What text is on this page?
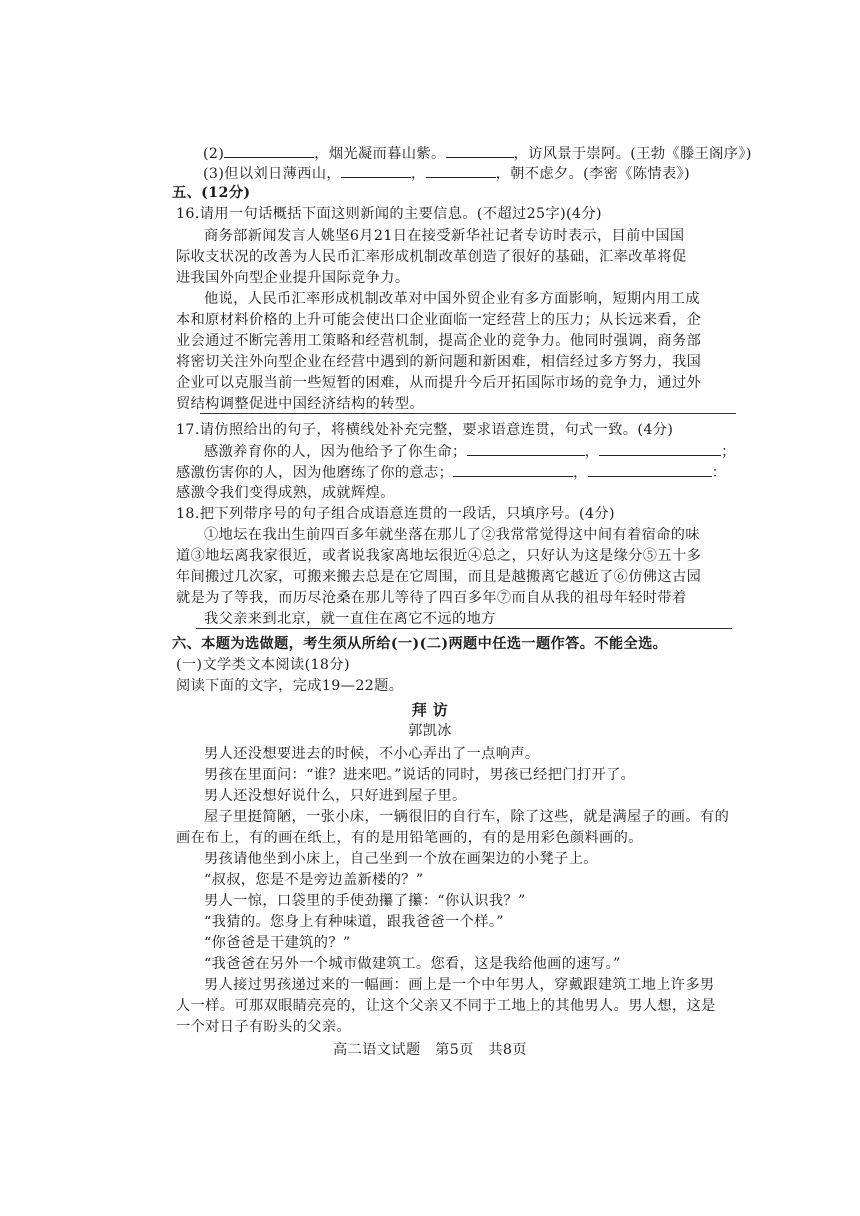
(2)	，烟光凝而暮山紫。	，访风景于崇阿。(王勃《滕王阁序》)
(3)但以刘日薄西山，	，	，朝不虑夕。(李密《陈情表》)
五、(12分)
16.请用一句话概括下面这则新闻的主要信息。(不超过25字)(4分)
商务部新闻发言人姚坚6月21日在接受新华社记者专访时表示，目前中国国
际收支状况的改善为人民币汇率形成机制改革创造了很好的基础，汇率改革将促
进我国外向型企业提升国际竞争力。
他说，人民币汇率形成机制改革对中国外贸企业有多方面影响，短期内用工成
本和原材料价格的上升可能会使出口企业面临一定经营上的压力；从长远来看，企
业会通过不断完善用工策略和经营机制，提高企业的竞争力。他同时强调，商务部
将密切关注外向型企业在经营中遇到的新问题和新困难，相信经过多方努力，我国
企业可以克服当前一些短暂的困难，从而提升今后开拓国际市场的竞争力，通过外
贸结构调整促进中国经济结构的转型。
17.请仿照给出的句子，将横线处补充完整，要求语意连贯，句式一致。(4分)
感激养育你的人，因为他给予了你生命；	，	；
感激伤害你的人，因为他磨练了你的意志；	，	：
感激令我们变得成熟，成就辉煌。
18.把下列带序号的句子组合成语意连贯的一段话，只填序号。(4分)
①地坛在我出生前四百多年就坐落在那儿了②我常常觉得这中间有着宿命的味
道③地坛离我家很近，或者说我家离地坛很近④总之，只好认为这是缘分⑤五十多
年间搬过几次家，可搬来搬去总是在它周围，而且是越搬离它越近了⑥仿佛这古园
就是为了等我，而历尽沧桑在那儿等待了四百多年⑦而自从我的祖母年轻时带着
我父亲来到北京，就一直住在离它不远的地方
六、本题为选做题，考生须从所给(一)(二)两题中任选一题作答。不能全选。
(一)文学类文本阅读(18分)
阅读下面的文字，完成19—22题。
拜 访
郭凯冰
男人还没想要进去的时候，不小心弄出了一点响声。
男孩在里面问：“谁？进来吧。”说话的同时，男孩已经把门打开了。
男人还没想好说什么，只好进到屋子里。
屋子里挺简陋，一张小床，一辆很旧的自行车，除了这些，就是满屋子的画。有的
画在布上，有的画在纸上，有的是用铅笔画的，有的是用彩色颜料画的。
男孩请他坐到小床上，自己坐到一个放在画架边的小凳子上。
“叔叔，您是不是旁边盖新楼的？”
男人一惊，口袋里的手使劲攥了攥：“你认识我？”
“我猜的。您身上有种味道，跟我爸爸一个样。”
“你爸爸是干建筑的？”
“我爸爸在另外一个城市做建筑工。您看，这是我给他画的速写。”
男人接过男孩递过来的一幅画：画上是一个中年男人，穿戴跟建筑工地上许多男
人一样。可那双眼睛亮亮的，让这个父亲又不同于工地上的其他男人。男人想，这是
一个对日子有盼头的父亲。
高二语文试题　第5页　共8页
